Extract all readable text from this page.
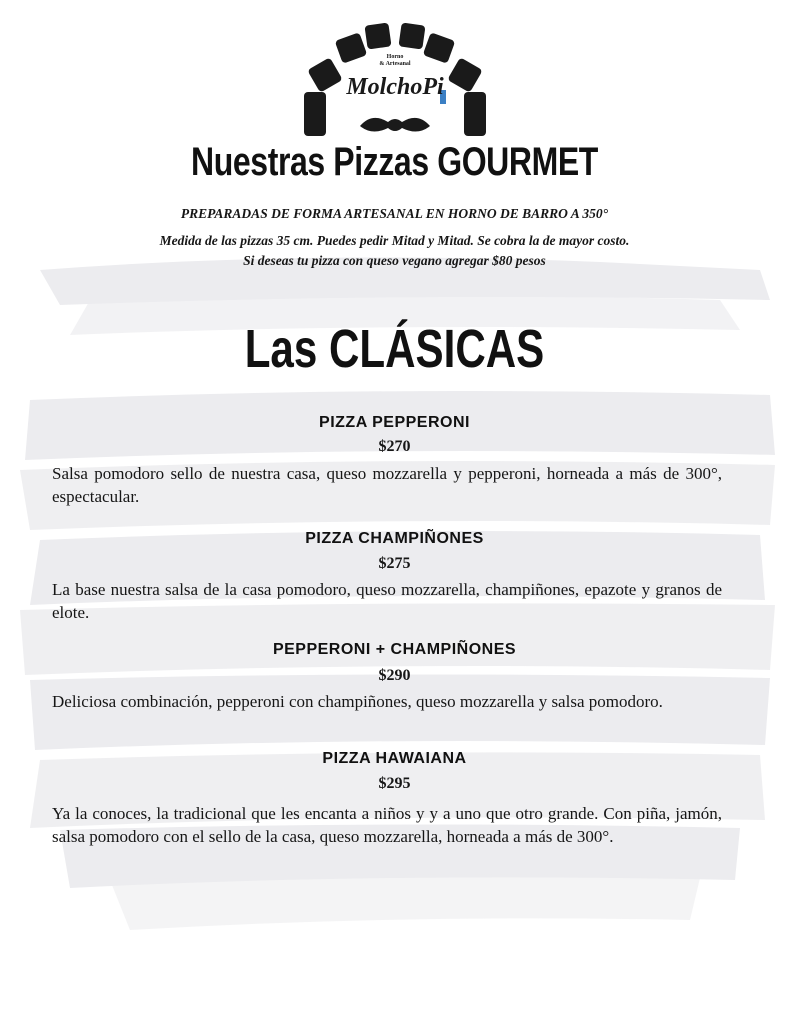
Horno
& Artesanal
MolchoPi
Nuestras Pizzas GOURMET
PREPARADAS DE FORMA ARTESANAL EN HORNO DE BARRO A 350°
Medida de las pizzas 35 cm. Puedes pedir Mitad y Mitad. Se cobra la de mayor costo.
Si deseas tu pizza con queso vegano agregar $80 pesos
Las CLÁSICAS
PIZZA PEPPERONI
$270
Salsa pomodoro sello de nuestra casa, queso mozzarella y pepperoni, horneada a más de 300°, espectacular.
PIZZA CHAMPIÑONES
$275
La base nuestra salsa de la casa pomodoro, queso mozzarella, champiñones, epazote y granos de elote.
PEPPERONI + CHAMPIÑONES
$290
Deliciosa combinación, pepperoni con champiñones, queso mozzarella y salsa pomodoro.
PIZZA HAWAIANA
$295
Ya la conoces, la tradicional que les encanta a niños y y a uno que otro grande. Con piña, jamón, salsa pomodoro con el sello de la casa, queso mozzarella, horneada a más de 300°.
